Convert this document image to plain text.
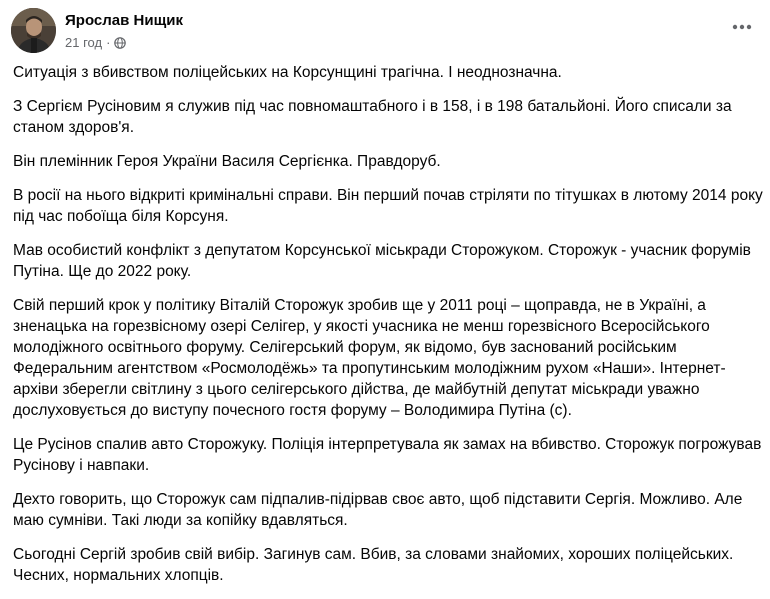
Ярослав Нищик
21 год ·

Ситуація з вбивством поліцейських на Корсунщині трагічна. І неоднозначна.

З Сергієм Русіновим я служив під час повномаштабного і в 158, і в 198 батальйоні. Його списали за станом здоров'я.

Він племінник Героя України Василя Сергієнка. Правдоруб.

В росії на нього відкриті кримінальні справи. Він перший почав стріляти по тітушках в лютому 2014 року під час побоїща біля Корсуня.

Мав особистий конфлікт з депутатом Корсунської міськради Сторожуком. Сторожук - учасник форумів Путіна. Ще до 2022 року.

Свій перший крок у політику Віталій Сторожук зробив ще у 2011 році – щоправда, не в Україні, а зненацька на горезвісному озері Селігер, у якості учасника не менш горезвісного Всеросійського молодіжного освітнього форуму. Селігерський форум, як відомо, був заснований російським Федеральним агентством «Росмолодёжь» та пропутинським молодіжним рухом «Наши». Інтернет-архіви зберегли світлину з цього селігерського дійства, де майбутній депутат міськради уважно дослуховується до виступу почесного гостя форуму – Володимира Путіна (с).

Це Русінов спалив авто Сторожуку. Поліція інтерпретувала як замах на вбивство. Сторожук погрожував Русінову і навпаки.

Дехто говорить, що Сторожук сам підпалив-підірвав своє авто, щоб підставити Сергія. Можливо. Але маю сумніви. Такі люди за копійку вдавляться.

Сьогодні Сергій зробив свій вибір. Загинув сам. Вбив, за словами знайомих, хороших поліцейських. Чесних, нормальних хлопців.
